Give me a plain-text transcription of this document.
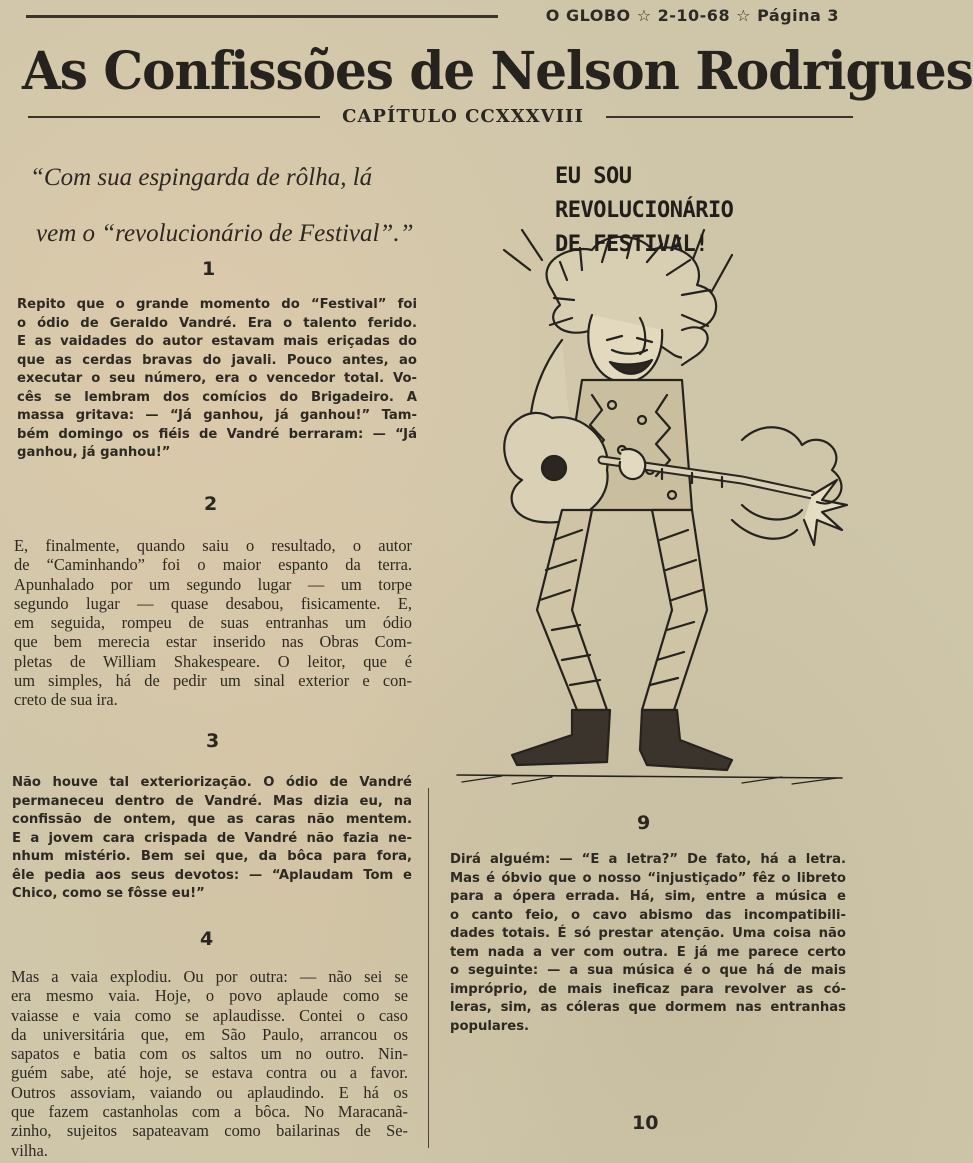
O GLOBO ☆ 2-10-68 ☆ Página 3
As Confissões de Nelson Rodrigues
CAPÍTULO CCXXXVIII
“Com sua espingarda de rôlha, lá
vem o “revolucionário de Festival”.”
1
Repito que o grande momento do “Festival” foi
o ódio de Geraldo Vandré. Era o talento ferido.
E as vaidades do autor estavam mais eriçadas do
que as cerdas bravas do javali. Pouco antes, ao
executar o seu número, era o vencedor total. Vo-
cês se lembram dos comícios do Brigadeiro. A
massa gritava: — “Já ganhou, já ganhou!” Tam-
bém domingo os fiéis de Vandré berraram: — “Já
ganhou, já ganhou!”
2
E, finalmente, quando saiu o resultado, o autor
de “Caminhando” foi o maior espanto da terra.
Apunhalado por um segundo lugar — um torpe
segundo lugar — quase desabou, fisicamente. E,
em seguida, rompeu de suas entranhas um ódio
que bem merecia estar inserido nas Obras Com-
pletas de William Shakespeare. O leitor, que é
um simples, há de pedir um sinal exterior e con-
creto de sua ira.
3
Não houve tal exteriorização. O ódio de Vandré
permaneceu dentro de Vandré. Mas dizia eu, na
confissão de ontem, que as caras não mentem.
E a jovem cara crispada de Vandré não fazia ne-
nhum mistério. Bem sei que, da bôca para fora,
êle pedia aos seus devotos: — “Aplaudam Tom e
Chico, como se fôsse eu!”
4
Mas a vaia explodiu. Ou por outra: — não sei se
era mesmo vaia. Hoje, o povo aplaude como se
vaiasse e vaia como se aplaudisse. Contei o caso
da universitária que, em São Paulo, arrancou os
sapatos e batia com os saltos um no outro. Nin-
guém sabe, até hoje, se estava contra ou a favor.
Outros assoviam, vaiando ou aplaudindo. E há os
que fazem castanholas com a bôca. No Maracanã-
zinho, sujeitos sapateavam como bailarinas de Se-
vilha.
EU SOU REVOLUCIONÁRIO
DE FESTIVAL!
9
Dirá alguém: — “E a letra?” De fato, há a letra.
Mas é óbvio que o nosso “injustiçado” fêz o libreto
para a ópera errada. Há, sim, entre a música e
o canto feio, o cavo abismo das incompatibili-
dades totais. É só prestar atenção. Uma coisa não
tem nada a ver com outra. E já me parece certo
o seguinte: — a sua música é o que há de mais
impróprio, de mais ineficaz para revolver as có-
leras, sim, as cóleras que dormem nas entranhas
populares.
10
